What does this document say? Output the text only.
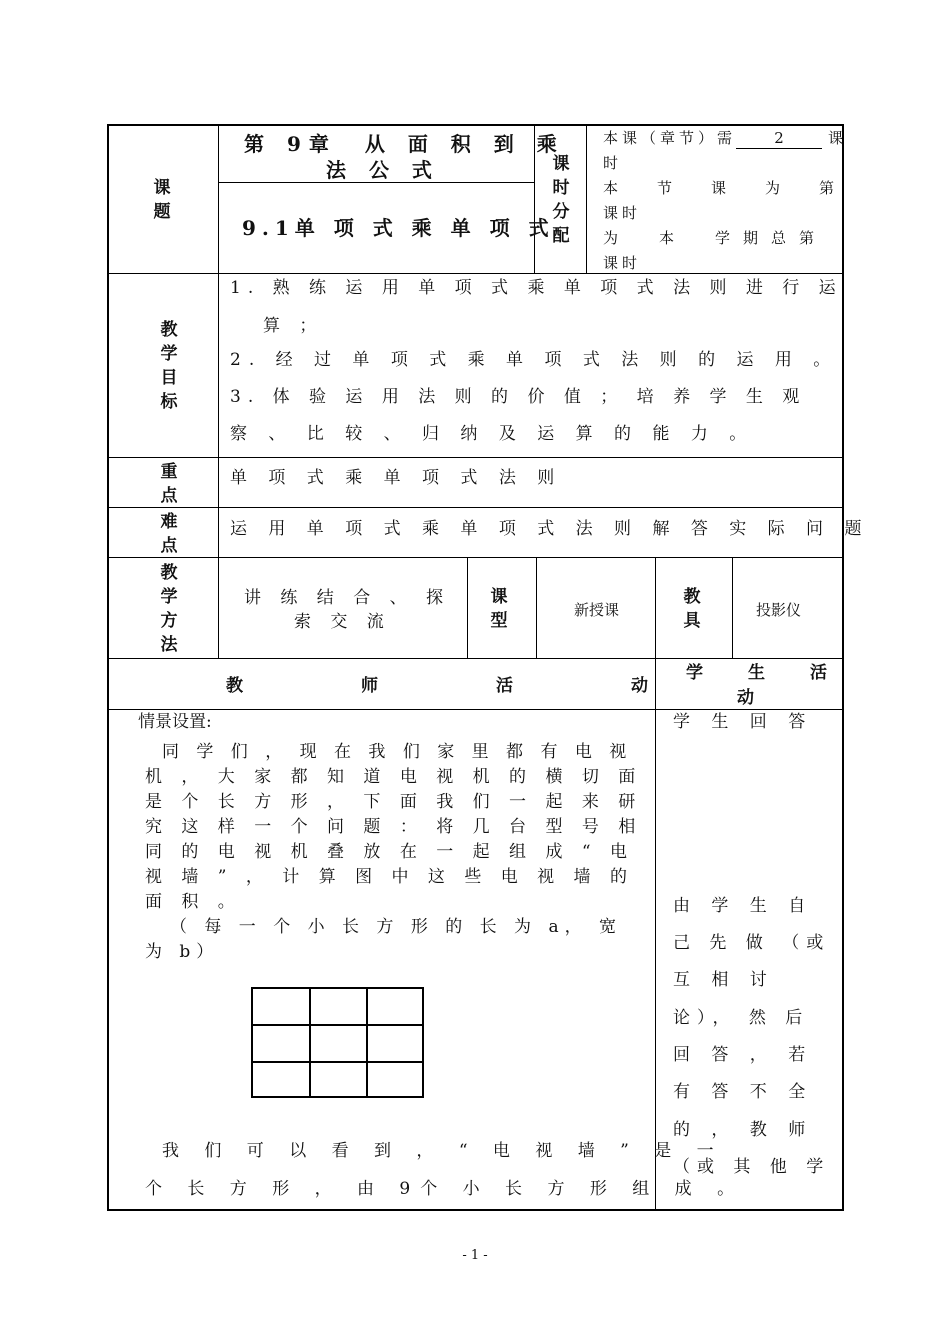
课题
第 9章　从 面 积 到 乘
法 公 式
9.1单 项 式 乘 单 项 式
课时分配
本课（章节）需	2	课
时
本　节　课　为　第
课时
为　本　学期总第
课时
教学目标
1. 熟 练 运 用 单 项 式 乘 单 项 式 法 则 进 行 运
算 ；
2. 经 过 单 项 式 乘 单 项 式 法 则 的 运 用 。
3. 体 验 运 用 法 则 的 价 值 ； 培 养 学 生 观
察 、 比 较 、 归 纳 及 运 算 的 能 力 。
重点
单 项 式 乘 单 项 式 法 则
难点
运 用 单 项 式 乘 单 项 式 法 则 解 答 实 际 问 题
教学方法
讲 练 结 合 、 探
索 交 流
课型
新授课
教具
投影仪
教　　师　　活　　动
学　生　活
动
情景设置:
同 学 们 ， 现 在 我 们 家 里 都 有 电 视
机 ， 大 家 都 知 道 电 视 机 的 横 切 面
是 个 长 方 形 ， 下 面 我 们 一 起 来 研
究 这 样 一 个 问 题 ： 将 几 台 型 号 相
同 的 电 视 机 叠 放 在 一 起 组 成 “ 电
视 墙 ” ， 计 算 图 中 这 些 电 视 墙 的
面 积 。
（ 每 一 个 小 长 方 形 的 长 为 a， 宽
为 b）
我 们 可 以 看 到 ， “ 电 视 墙 ” 是 一
个 长 方 形 ， 由 9个 小 长 方 形 组 成 。
学 生 回 答
由 学 生 自
己 先 做 （或
互 相 讨
论）， 然 后
回 答 ， 若
有 答 不 全
的 ， 教 师
（或 其 他 学
- 1 -
